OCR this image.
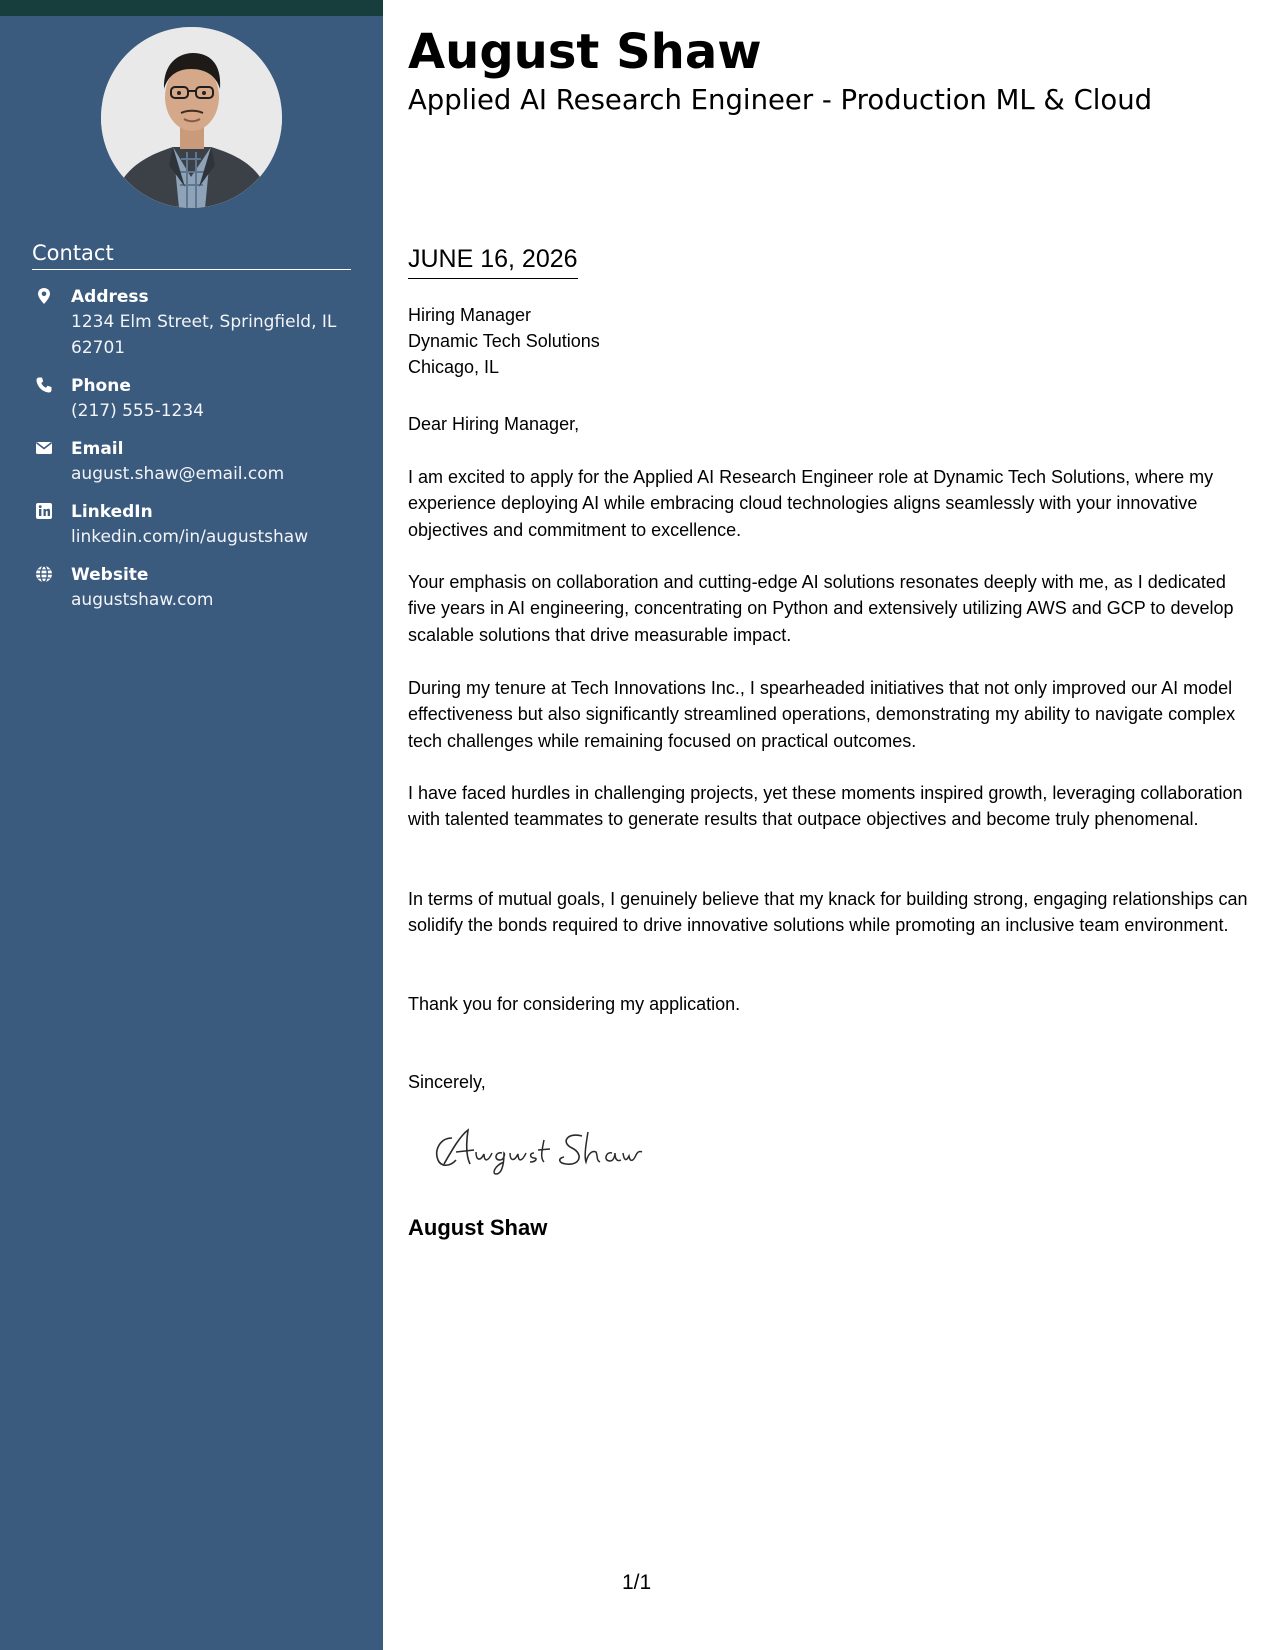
Contact
Address
1234 Elm Street, Springfield, IL 62701
Phone
(217) 555-1234
Email
august.shaw@email.com
LinkedIn
linkedin.com/in/augustshaw
Website
augustshaw.com
August Shaw
Applied AI Research Engineer - Production ML & Cloud
JUNE 16, 2026
Hiring Manager
Dynamic Tech Solutions
Chicago, IL
Dear Hiring Manager,
I am excited to apply for the Applied AI Research Engineer role at Dynamic Tech Solutions, where my experience deploying AI while embracing cloud technologies aligns seamlessly with your innovative objectives and commitment to excellence.
Your emphasis on collaboration and cutting-edge AI solutions resonates deeply with me, as I dedicated five years in AI engineering, concentrating on Python and extensively utilizing AWS and GCP to develop scalable solutions that drive measurable impact.
During my tenure at Tech Innovations Inc., I spearheaded initiatives that not only improved our AI model effectiveness but also significantly streamlined operations, demonstrating my ability to navigate complex tech challenges while remaining focused on practical outcomes.
I have faced hurdles in challenging projects, yet these moments inspired growth, leveraging collaboration with talented teammates to generate results that outpace objectives and become truly phenomenal.
In terms of mutual goals, I genuinely believe that my knack for building strong, engaging relationships can solidify the bonds required to drive innovative solutions while promoting an inclusive team environment.
Thank you for considering my application.
Sincerely,
August Shaw
1/1
